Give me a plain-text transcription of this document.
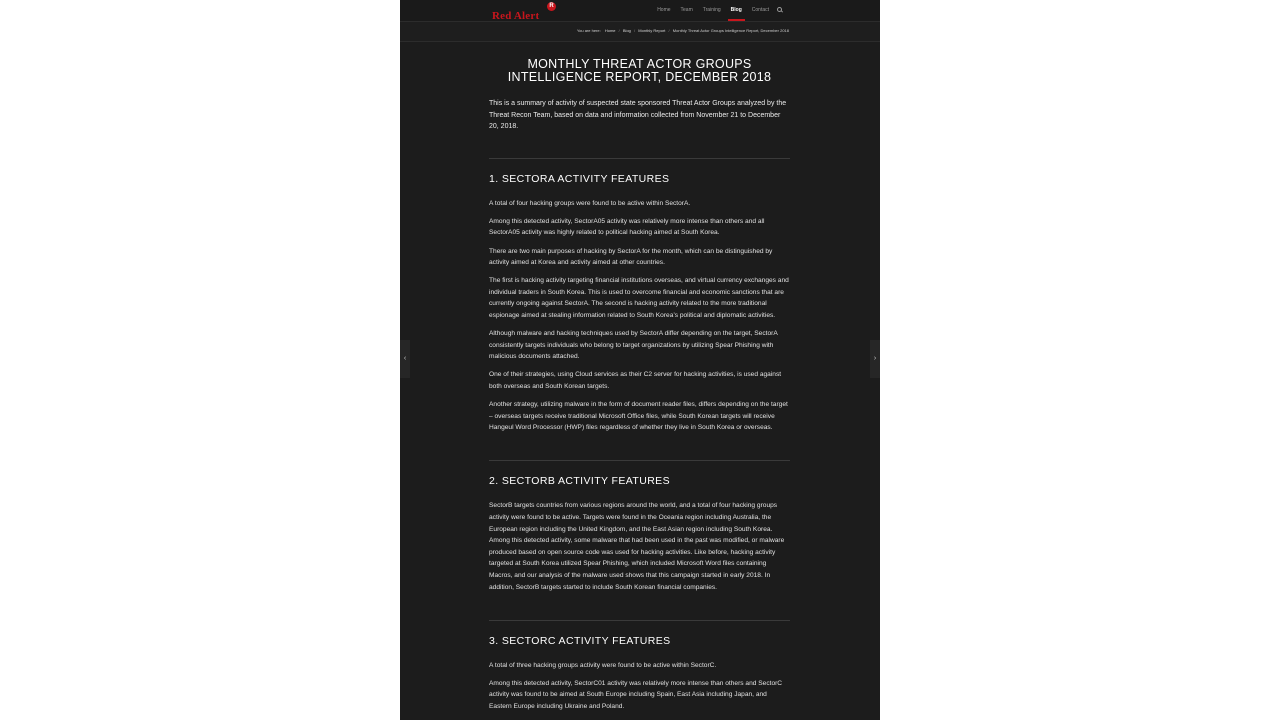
Red Alert
R
Home	Team	Training	Blog	Contact
You are here: Home / Blog / Monthly Report / Monthly Threat Actor Groups Intelligence Report, December 2018
‹	›
MONTHLY THREAT ACTOR GROUPS INTELLIGENCE REPORT, DECEMBER 2018

This is a summary of activity of suspected state sponsored Threat Actor Groups analyzed by the Threat Recon Team, based on data and information collected from November 21 to December 20, 2018.

1. SECTORA ACTIVITY FEATURES

A total of four hacking groups were found to be active within SectorA.

Among this detected activity, SectorA05 activity was relatively more intense than others and all SectorA05 activity was highly related to political hacking aimed at South Korea.

There are two main purposes of hacking by SectorA for the month, which can be distinguished by activity aimed at Korea and activity aimed at other countries.

The first is hacking activity targeting financial institutions overseas, and virtual currency exchanges and individual traders in South Korea. This is used to overcome financial and economic sanctions that are currently ongoing against SectorA. The second is hacking activity related to the more traditional espionage aimed at stealing information related to South Korea’s political and diplomatic activities.

Although malware and hacking techniques used by SectorA differ depending on the target, SectorA consistently targets individuals who belong to target organizations by utilizing Spear Phishing with malicious documents attached.

One of their strategies, using Cloud services as their C2 server for hacking activities, is used against both overseas and South Korean targets.

Another strategy, utilizing malware in the form of document reader files, differs depending on the target – overseas targets receive traditional Microsoft Office files, while South Korean targets will receive Hangeul Word Processor (HWP) files regardless of whether they live in South Korea or overseas.

2. SECTORB ACTIVITY FEATURES

SectorB targets countries from various regions around the world, and a total of four hacking groups activity were found to be active. Targets were found in the Oceania region including Australia, the European region including the United Kingdom, and the East Asian region including South Korea. Among this detected activity, some malware that had been used in the past was modified, or malware produced based on open source code was used for hacking activities. Like before, hacking activity targeted at South Korea utilized Spear Phishing, which included Microsoft Word files containing Macros, and our analysis of the malware used shows that this campaign started in early 2018. In addition, SectorB targets started to include South Korean financial companies.

3. SECTORC ACTIVITY FEATURES

A total of three hacking groups activity were found to be active within SectorC.

Among this detected activity, SectorC01 activity was relatively more intense than others and SectorC activity was found to be aimed at South Europe including Spain, East Asia including Japan, and Eastern Europe including Ukraine and Poland.
